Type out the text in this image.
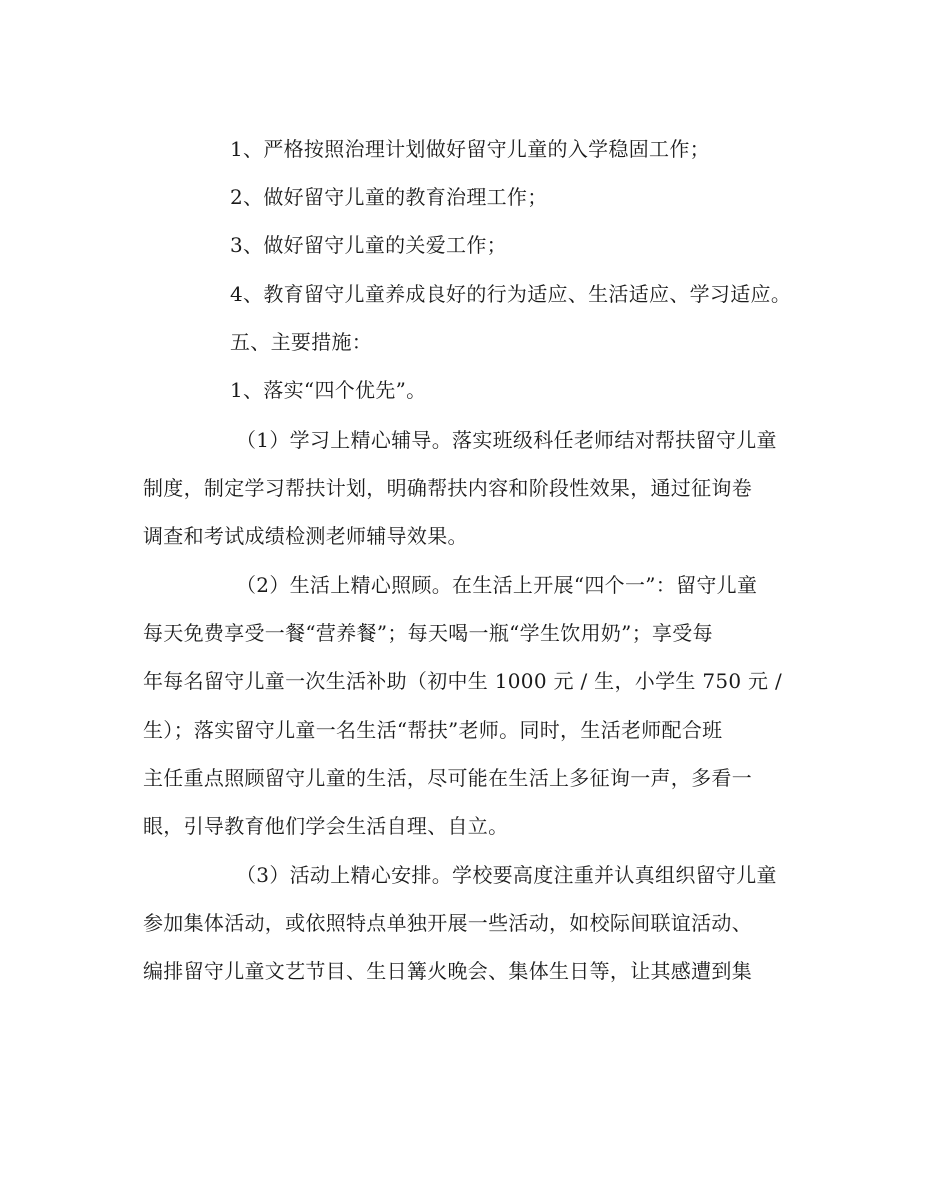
1、严格按照治理计划做好留守儿童的入学稳固工作；
2、做好留守儿童的教育治理工作；
3、做好留守儿童的关爱工作；
4、教育留守儿童养成良好的行为适应、生活适应、学习适应。
五、主要措施：
1、落实“四个优先”。
（1）学习上精心辅导。落实班级科任老师结对帮扶留守儿童
制度，制定学习帮扶计划，明确帮扶内容和阶段性效果，通过征询卷
调查和考试成绩检测老师辅导效果。
（2）生活上精心照顾。在生活上开展“四个一”：留守儿童
每天免费享受一餐“营养餐”；每天喝一瓶“学生饮用奶”；享受每
年每名留守儿童一次生活补助（初中生 1000 元 / 生，小学生 750 元 /
生）；落实留守儿童一名生活“帮扶”老师。同时，生活老师配合班
主任重点照顾留守儿童的生活，尽可能在生活上多征询一声，多看一
眼，引导教育他们学会生活自理、自立。
（3）活动上精心安排。学校要高度注重并认真组织留守儿童
参加集体活动，或依照特点单独开展一些活动，如校际间联谊活动、
编排留守儿童文艺节目、生日篝火晚会、集体生日等，让其感遭到集
